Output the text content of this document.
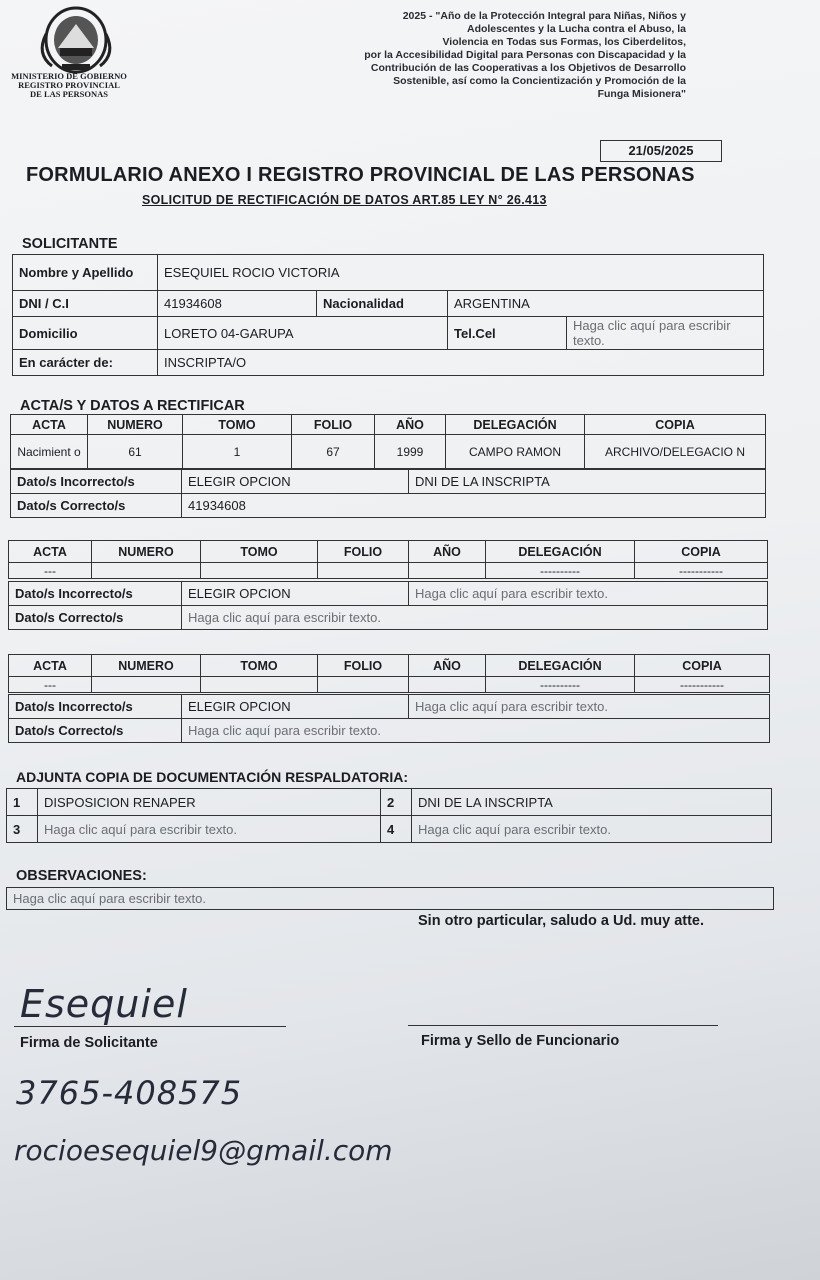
MINISTERIO DE GOBIERNO
REGISTRO PROVINCIAL
DE LAS PERSONAS
2025 - "Año de la Protección Integral para Niñas, Niños y
Adolescentes y la Lucha contra el Abuso, la
Violencia en Todas sus Formas, los Ciberdelitos,
por la Accesibilidad Digital para Personas con Discapacidad y la
Contribución de las Cooperativas a los Objetivos de Desarrollo
Sostenible, así como la Concientización y Promoción de la
Funga Misionera"
21/05/2025
FORMULARIO ANEXO I REGISTRO PROVINCIAL DE LAS PERSONAS
SOLICITUD DE RECTIFICACIÓN DE DATOS ART.85 LEY N° 26.413
SOLICITANTE
Nombre y Apellido	ESEQUIEL ROCIO VICTORIA			
DNI / C.I	41934608	Nacionalidad	ARGENTINA	
Domicilio	LORETO 04-GARUPA		Tel.Cel	Haga clic aquí para escribir texto.
En carácter de:	INSCRIPTA/O			
ACTA/S Y DATOS A RECTIFICAR
ACTA	NUMERO	TOMO	FOLIO	AÑO	DELEGACIÓN	COPIA
Nacimient o	61	1	67	1999	CAMPO RAMON	ARCHIVO/DELEGACIO N
Dato/s Incorrecto/s	ELEGIR OPCION	DNI DE LA INSCRIPTA
Dato/s Correcto/s	41934608	
ACTA	NUMERO	TOMO	FOLIO	AÑO	DELEGACIÓN	COPIA
---					----------	-----------
Dato/s Incorrecto/s	ELEGIR OPCION	Haga clic aquí para escribir texto.
Dato/s Correcto/s	Haga clic aquí para escribir texto.	
ACTA	NUMERO	TOMO	FOLIO	AÑO	DELEGACIÓN	COPIA
---					----------	-----------
Dato/s Incorrecto/s	ELEGIR OPCION	Haga clic aquí para escribir texto.
Dato/s Correcto/s	Haga clic aquí para escribir texto.	
ADJUNTA COPIA DE DOCUMENTACIÓN RESPALDATORIA:
1	DISPOSICION RENAPER	2	DNI DE LA INSCRIPTA
3	Haga clic aquí para escribir texto.	4	Haga clic aquí para escribir texto.
OBSERVACIONES:
Haga clic aquí para escribir texto.
Sin otro particular, saludo a Ud. muy atte.
Esequiel
Firma de Solicitante	Firma y Sello de Funcionario
3765-408575
rocioesequiel9@gmail.com
